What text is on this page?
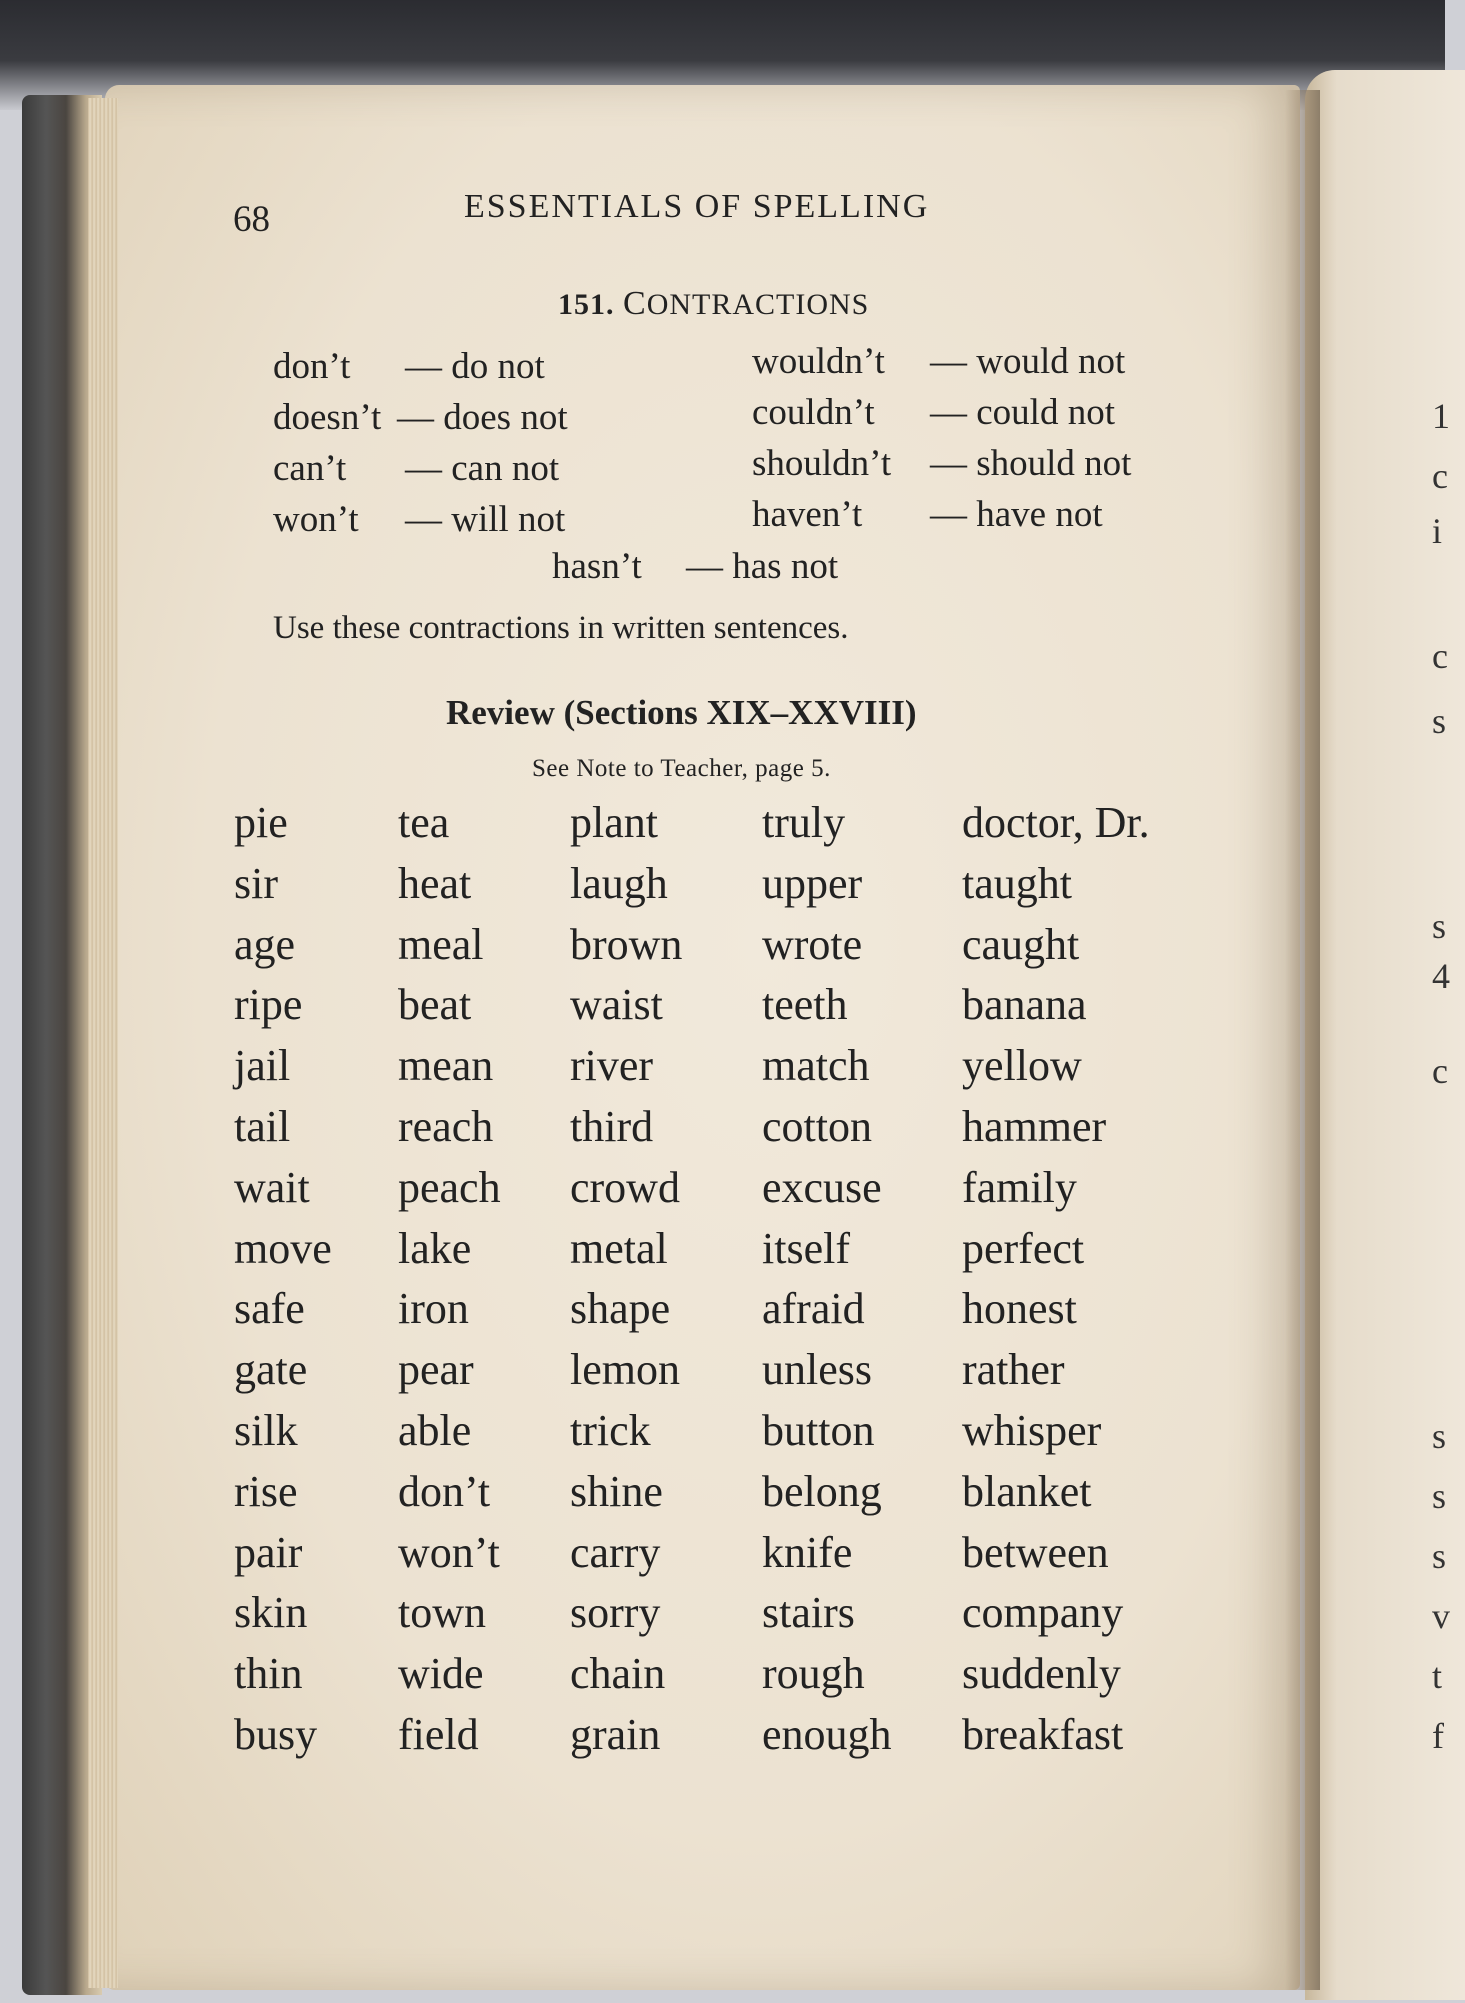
1
c
i
c
s
s
4
c
s
s
s
v
t
f
68	ESSENTIALS OF SPELLING
151. CONTRACTIONS
don’t — do not
doesn’t — does not
can’t — can not
won’t — will not
wouldn’t — would not
couldn’t — could not
shouldn’t — should not
haven’t — have not
hasn’t — has not
Use these contractions in written sentences.
Review (Sections XIX–XXVIII)
See Note to Teacher, page 5.
pie
sir
age
ripe
jail
tail
wait
move
safe
gate
silk
rise
pair
skin
thin
busy
tea
heat
meal
beat
mean
reach
peach
lake
iron
pear
able
don’t
won’t
town
wide
field
plant
laugh
brown
waist
river
third
crowd
metal
shape
lemon
trick
shine
carry
sorry
chain
grain
truly
upper
wrote
teeth
match
cotton
excuse
itself
afraid
unless
button
belong
knife
stairs
rough
enough
doctor, Dr.
taught
caught
banana
yellow
hammer
family
perfect
honest
rather
whisper
blanket
between
company
suddenly
breakfast
